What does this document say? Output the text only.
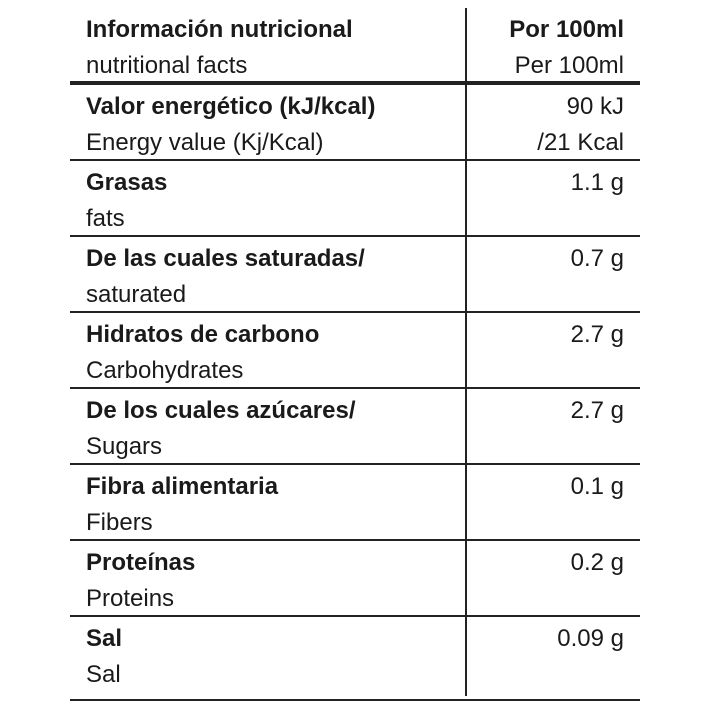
Información nutricional
nutritional facts
Por 100ml
Per 100ml
Valor energético (kJ/kcal)
Energy value (Kj/Kcal)
90 kJ
/21 Kcal
Grasas
fats
1.1 g
De las cuales saturadas/
saturated
0.7 g
Hidratos de carbono
Carbohydrates
2.7 g
De los cuales azúcares/
Sugars
2.7 g
Fibra alimentaria
Fibers
0.1 g
Proteínas
Proteins
0.2 g
Sal
Sal
0.09 g
